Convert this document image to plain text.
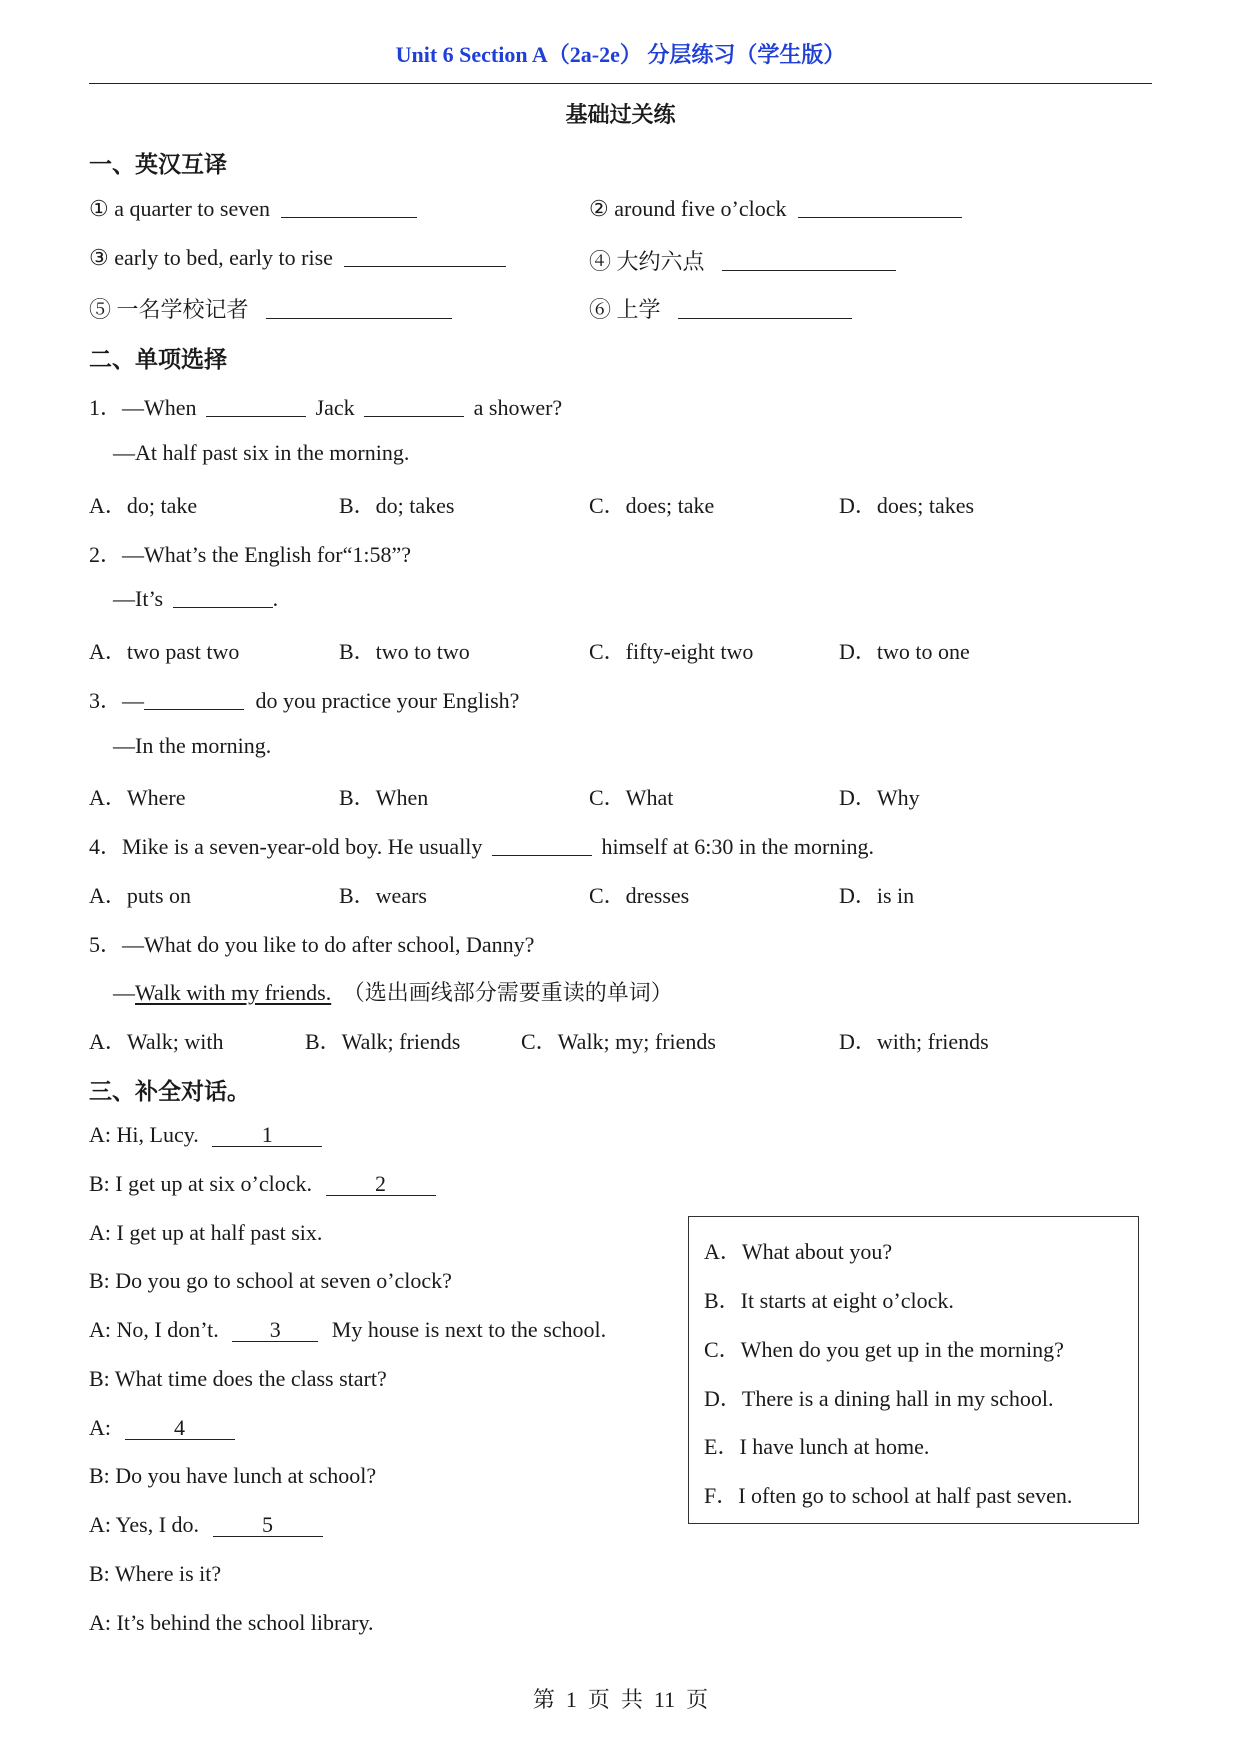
Unit 6 Section A（2a-2e） 分层练习（学生版）
基础过关练
一、英汉互译
① a quarter to seven	② around five o’clock
③ early to bed, early to rise	④ 大约六点
⑤ 一名学校记者	⑥ 上学
二、单项选择
1．—When	Jack	a shower?
—At half past six in the morning.
A．do; take	B．do; takes	C．does; take	D．does; takes
2．—What’s the English for“1:58”?
—It’s	.
A．two past two	B．two to two	C．fifty-eight two	D．two to one
3．—	do you practice your English?
—In the morning.
A．Where	B．When	C．What	D．Why
4．Mike is a seven-year-old boy. He usually	himself at 6:30 in the morning.
A．puts on	B．wears	C．dresses	D．is in
5．—What do you like to do after school, Danny?
—Walk with my friends. （选出画线部分需要重读的单词）
A．Walk; with	B．Walk; friends	C．Walk; my; friends	D．with; friends
三、补全对话。
A: Hi, Lucy.	1
B: I get up at six o’clock.	2
A: I get up at half past six.
B: Do you go to school at seven o’clock?
A: No, I don’t. 3 My house is next to the school.
B: What time does the class start?
A:	4
B: Do you have lunch at school?
A: Yes, I do.	5
B: Where is it?
A: It’s behind the school library.
A．What about you?
B．It starts at eight o’clock.
C．When do you get up in the morning?
D．There is a dining hall in my school.
E．I have lunch at home.
F．I often go to school at half past seven.
第  1  页  共  11  页
